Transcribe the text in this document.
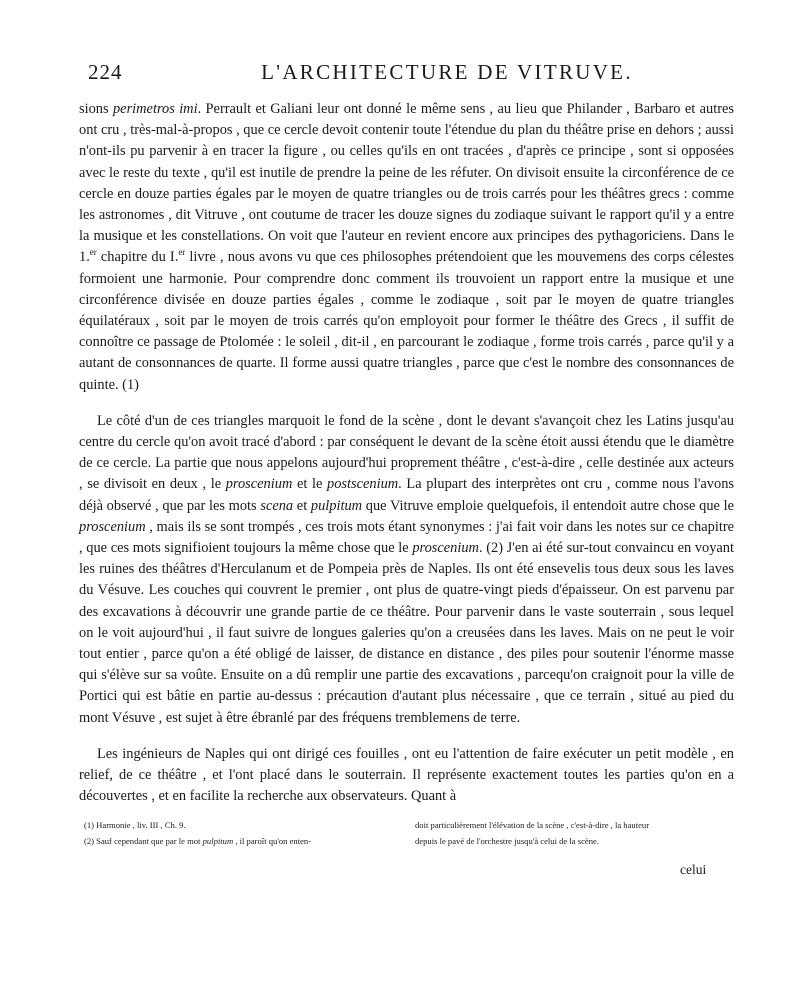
224	L'ARCHITECTURE DE VITRUVE.

sions perimetros imi. Perrault et Galiani leur ont donné le même sens , au lieu que Philander , Barbaro et autres ont cru , très-mal-à-propos , que ce cercle devoit contenir toute l'étendue du plan du théâtre prise en dehors ; aussi n'ont-ils pu parvenir à en tracer la figure , ou celles qu'ils en ont tracées , d'après ce principe , sont si opposées avec le reste du texte , qu'il est inutile de prendre la peine de les réfuter. On divisoit ensuite la circonférence de ce cercle en douze parties égales par le moyen de quatre triangles ou de trois carrés pour les théâtres grecs : comme les astronomes , dit Vitruve , ont coutume de tracer les douze signes du zodiaque suivant le rapport qu'il y a entre la musique et les constellations. On voit que l'auteur en revient encore aux principes des pythagoriciens. Dans le 1.$^{er}$ chapitre du I.$^{er}$ livre , nous avons vu que ces philosophes prétendoient que les mouvemens des corps célestes formoient une harmonie. Pour comprendre donc comment ils trouvoient un rapport entre la musique et une circonférence divisée en douze parties égales , comme le zodiaque , soit par le moyen de quatre triangles équilatéraux , soit par le moyen de trois carrés qu'on employoit pour former le théâtre des Grecs , il suffit de connoître ce passage de Ptolomée : le soleil , dit-il , en parcourant le zodiaque , forme trois carrés , parce qu'il y a autant de consonnances de quarte. Il forme aussi quatre triangles , parce que c'est le nombre des consonnances de quinte. (1)

Le côté d'un de ces triangles marquoit le fond de la scène , dont le devant s'avançoit chez les Latins jusqu'au centre du cercle qu'on avoit tracé d'abord : par conséquent le devant de la scène étoit aussi étendu que le diamètre de ce cercle. La partie que nous appelons aujourd'hui proprement théâtre , c'est-à-dire , celle destinée aux acteurs , se divisoit en deux , le proscenium et le postscenium. La plupart des interprètes ont cru , comme nous l'avons déjà observé , que par les mots scena et pulpitum que Vitruve emploie quelquefois, il entendoit autre chose que le proscenium , mais ils se sont trompés , ces trois mots étant synonymes : j'ai fait voir dans les notes sur ce chapitre , que ces mots signifioient toujours la même chose que le proscenium. (2) J'en ai été sur-tout convaincu en voyant les ruines des théâtres d'Herculanum et de Pompeia près de Naples. Ils ont été ensevelis tous deux sous les laves du Vésuve. Les couches qui couvrent le premier , ont plus de quatre-vingt pieds d'épaisseur. On est parvenu par des excavations à découvrir une grande partie de ce théâtre. Pour parvenir dans le vaste souterrain , sous lequel on le voit aujourd'hui , il faut suivre de longues galeries qu'on a creusées dans les laves. Mais on ne peut le voir tout entier , parce qu'on a été obligé de laisser, de distance en distance , des piles pour soutenir l'énorme masse qui s'élève sur sa voûte. Ensuite on a dû remplir une partie des excavations , parcequ'on craignoit pour la ville de Portici qui est bâtie en partie au-dessus : précaution d'autant plus nécessaire , que ce terrain , situé au pied du mont Vésuve , est sujet à être ébranlé par des fréquens tremblemens de terre.

Les ingénieurs de Naples qui ont dirigé ces fouilles , ont eu l'attention de faire exécuter un petit modèle , en relief, de ce théâtre , et l'ont placé dans le souterrain. Il représente exactement toutes les parties qu'on en a découvertes , et en facilite la recherche aux observateurs. Quant à

(1) Harmonie , liv. III , Ch. 9.
(2) Sauf cependant que par le mot pulpitum , il paroît qu'on enten-
doit particulièrement l'élévation de la scène , c'est-à-dire , la hauteur
depuis le pavé de l'orchestre jusqu'à celui de la scène.
celui
